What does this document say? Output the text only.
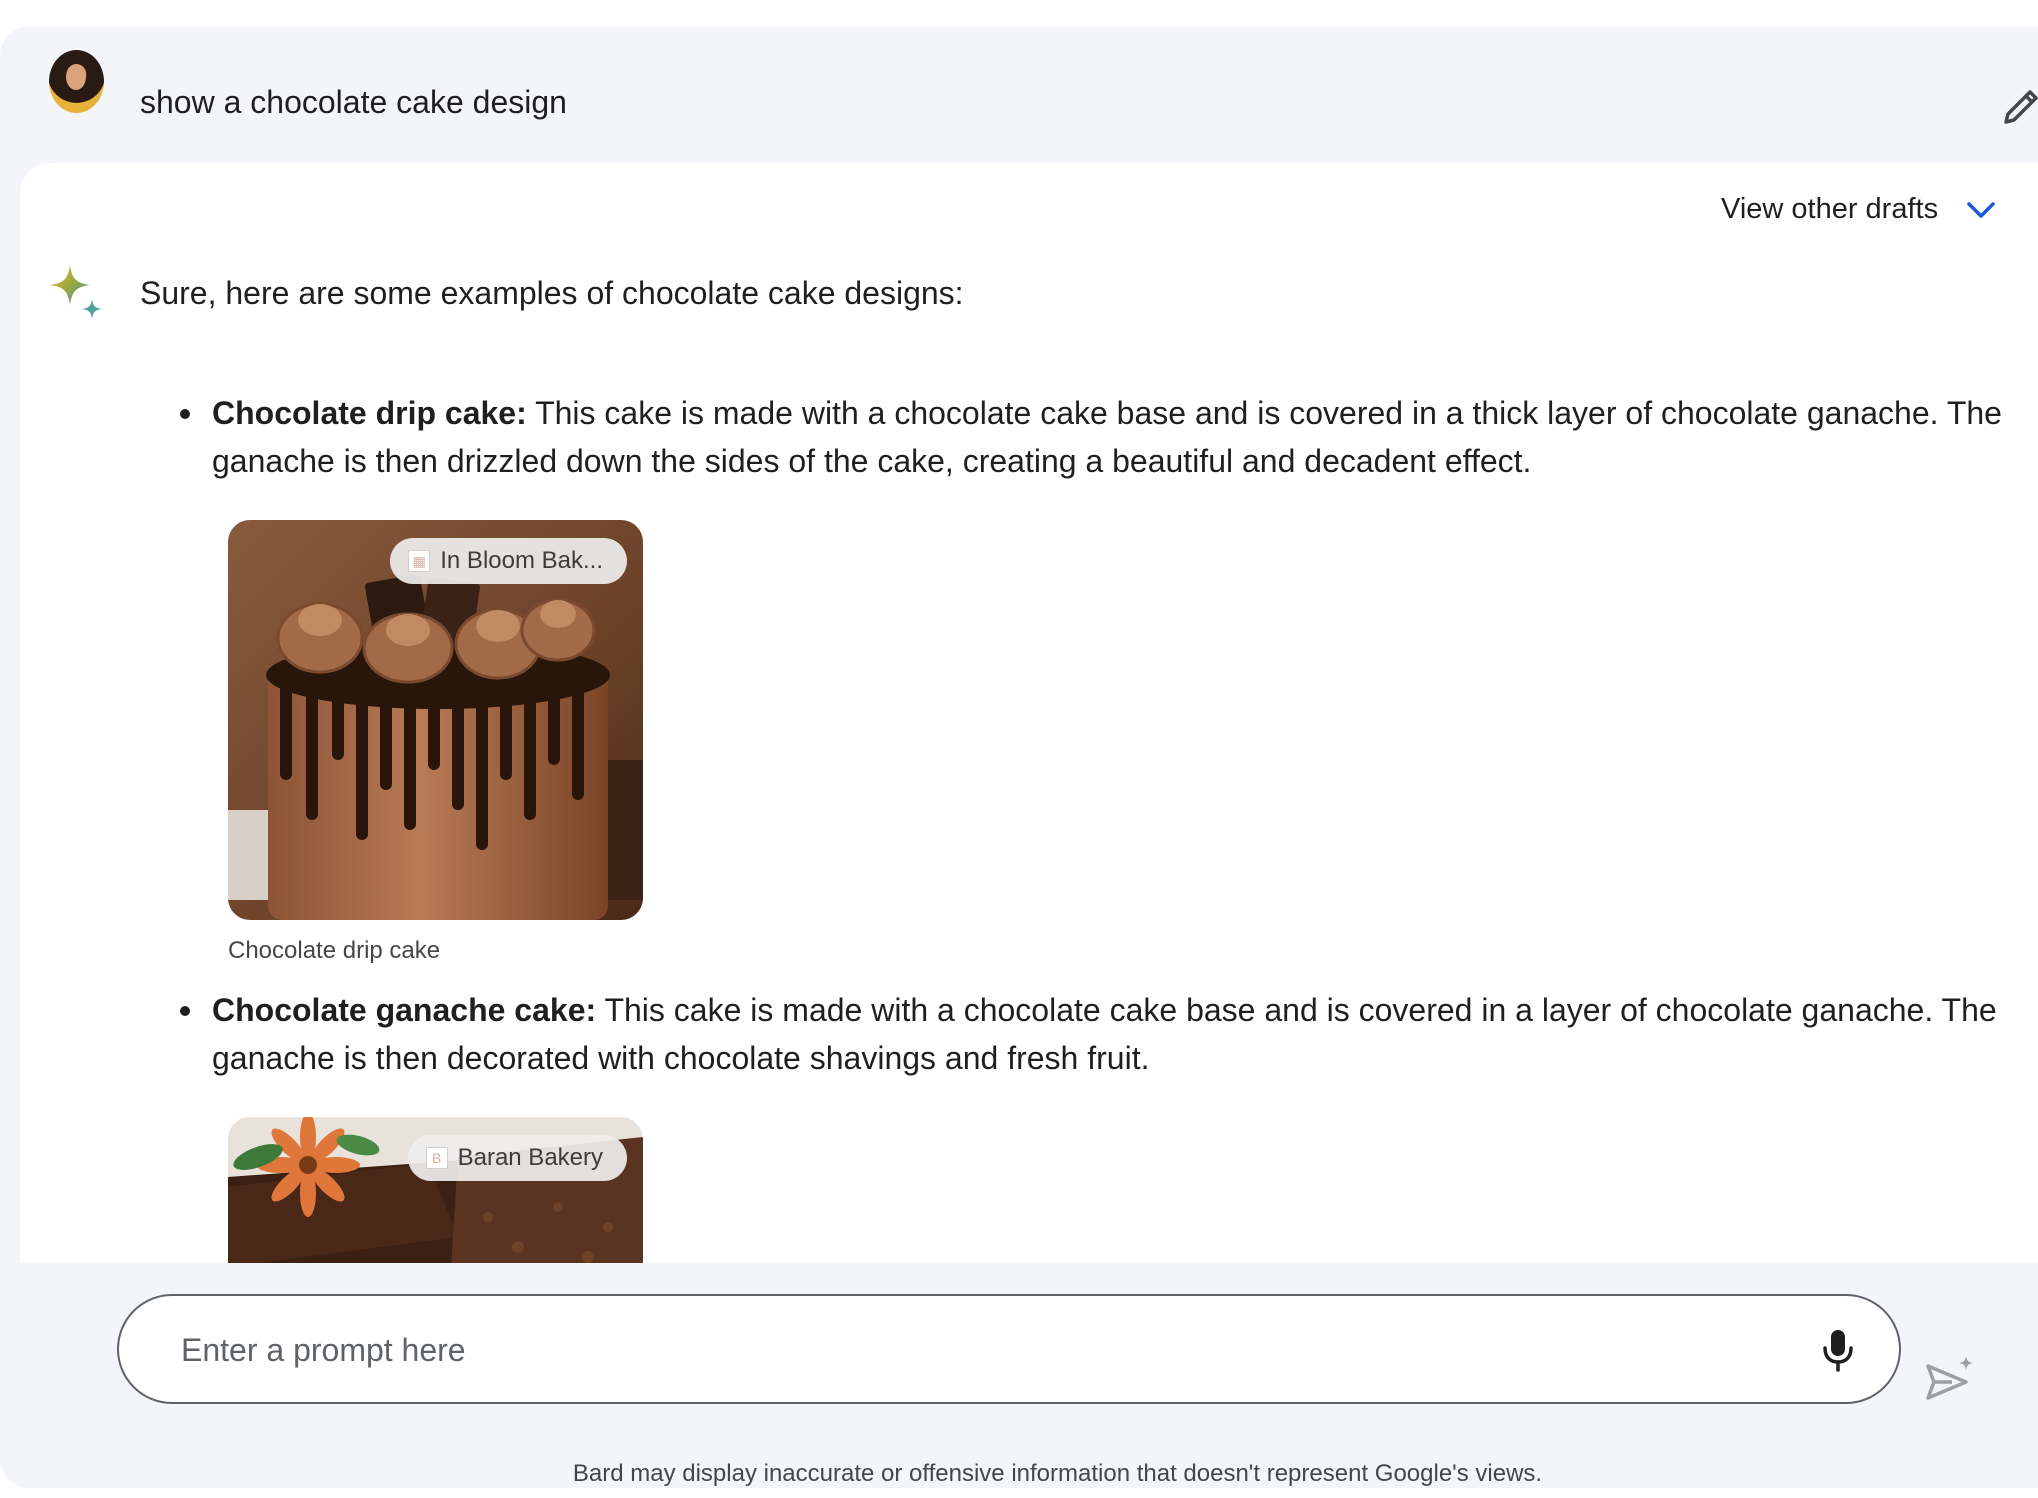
show a chocolate cake design
View other drafts
Sure, here are some examples of chocolate cake designs:
Chocolate drip cake: This cake is made with a chocolate cake base and is covered in a thick layer of chocolate ganache. The ganache is then drizzled down the sides of the cake, creating a beautiful and decadent effect.
▦ In Bloom Bak...
Chocolate drip cake
Chocolate ganache cake: This cake is made with a chocolate cake base and is covered in a layer of chocolate ganache. The ganache is then decorated with chocolate shavings and fresh fruit.
B Baran Bakery
Enter a prompt here
Bard may display inaccurate or offensive information that doesn't represent Google's views.
